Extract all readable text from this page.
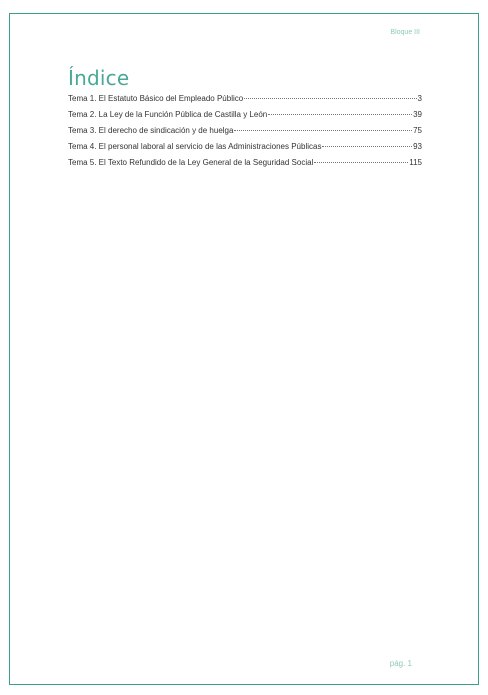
Bloque III
Índice
Tema 1. El Estatuto Básico del Empleado Público	3
Tema 2. La Ley de la Función Pública de Castilla y León	39
Tema 3. El derecho de sindicación y de huelga	75
Tema 4. El personal laboral al servicio de las Administraciones Públicas	93
Tema 5. El Texto Refundido de la Ley General de la Seguridad Social	115
pág. 1
